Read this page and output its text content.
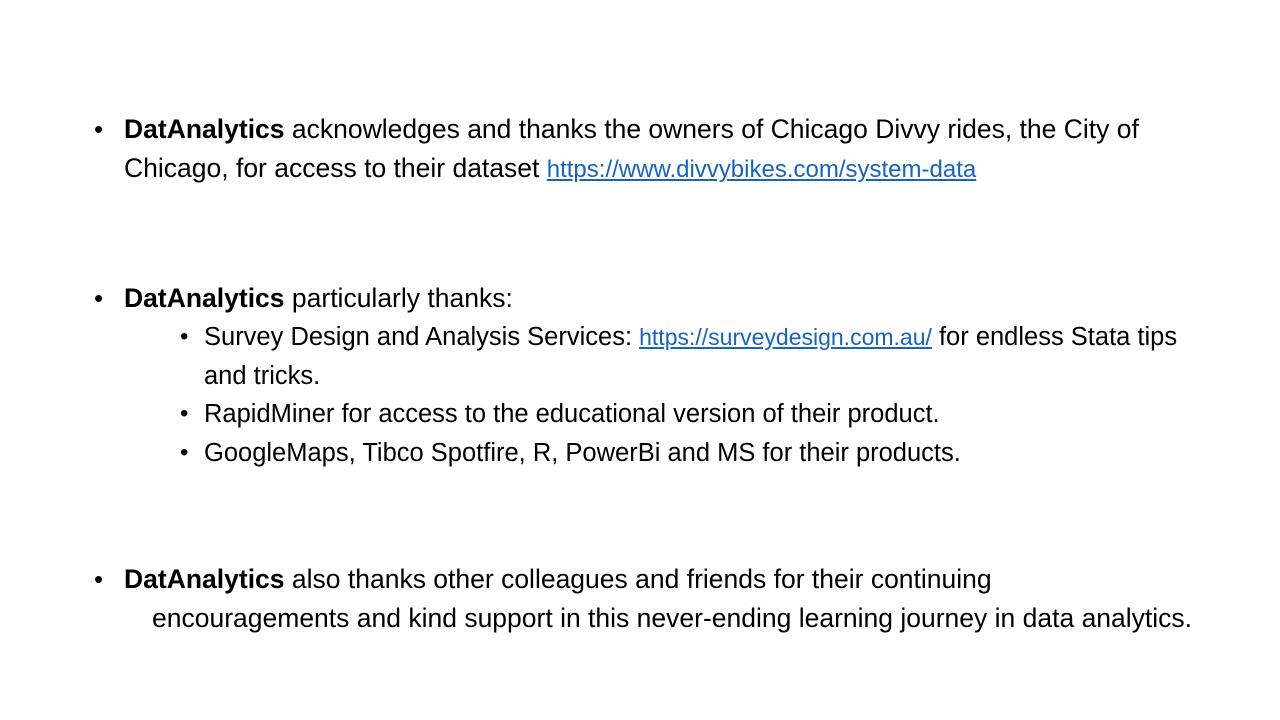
• DatAnalytics acknowledges and thanks the owners of Chicago Divvy rides, the City of Chicago, for access to their dataset https://www.divvybikes.com/system-data
• DatAnalytics particularly thanks:
• Survey Design and Analysis Services: https://surveydesign.com.au/ for endless Stata tips and tricks.
• RapidMiner for access to the educational version of their product.
• GoogleMaps, Tibco Spotfire, R, PowerBi and MS for their products.
• DatAnalytics also thanks other colleagues and friends for their continuing
encouragements and kind support in this never-ending learning journey in data analytics.
